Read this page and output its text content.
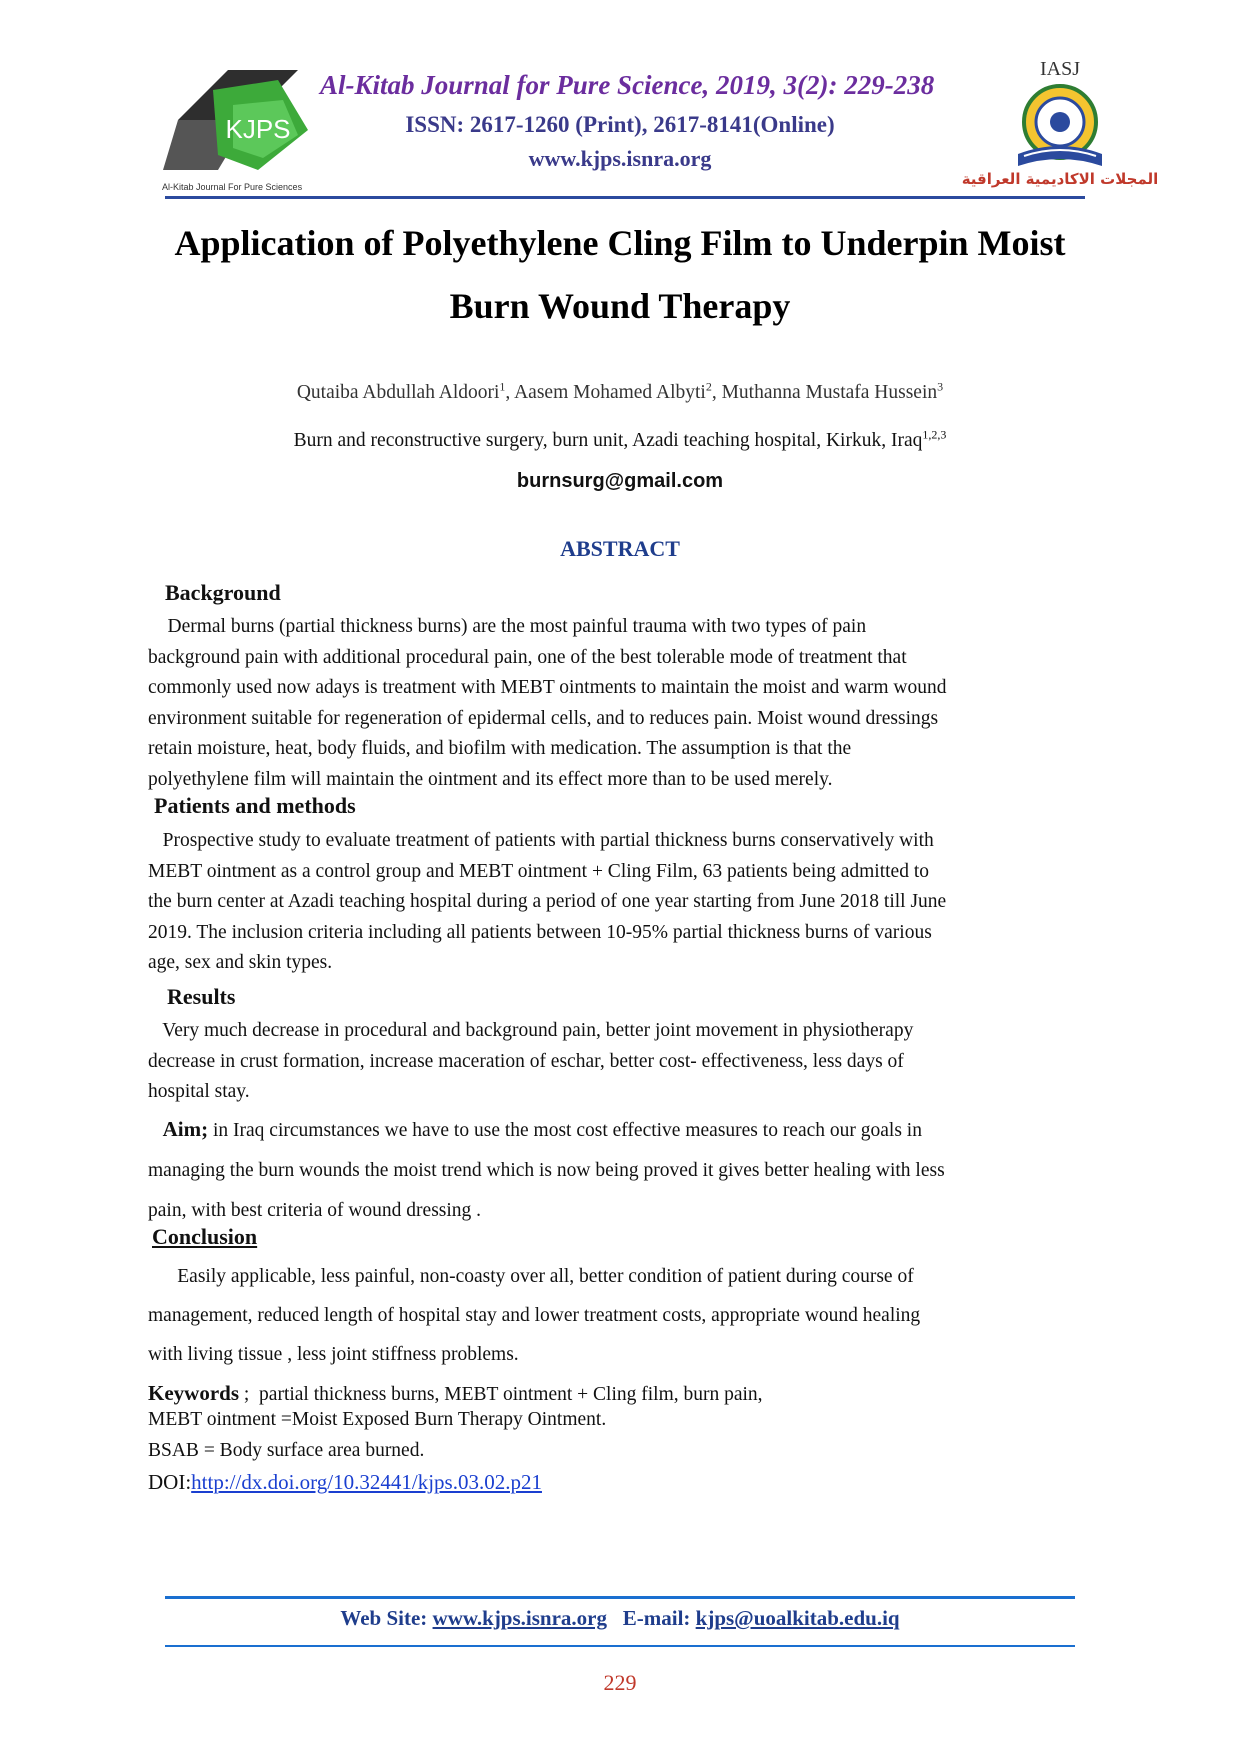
KJPS
Al-Kitab Journal For Pure Sciences
Al-Kitab Journal for Pure Science, 2019, 3(2): 229-238
ISSN: 2617-1260 (Print), 2617-8141(Online)
www.kjps.isnra.org
IASJ
المجلات الاكاديمية العراقية
Application of Polyethylene Cling Film to Underpin Moist
Burn Wound Therapy
Qutaiba Abdullah Aldoori$^1$, Aasem Mohamed Albyti$^2$, Muthanna Mustafa Hussein$^3$
Burn and reconstructive surgery, burn unit, Azadi teaching hospital, Kirkuk, Iraq$^{1,2,3}$
burnsurg@gmail.com
ABSTRACT
Background

Dermal burns (partial thickness burns) are the most painful trauma with two types of pain

background pain with additional procedural pain, one of the best tolerable mode of treatment that

commonly used now adays is treatment with MEBT ointments to maintain the moist and warm wound

environment suitable for regeneration of epidermal cells, and to reduces pain. Moist wound dressings

retain moisture, heat, body fluids, and biofilm with medication. The assumption is that the

polyethylene film will maintain the ointment and its effect more than to be used merely.

Patients and methods

Prospective study to evaluate treatment of patients with partial thickness burns conservatively with

MEBT ointment as a control group and MEBT ointment + Cling Film, 63 patients being admitted to

the burn center at Azadi teaching hospital during a period of one year starting from June 2018 till June

2019. The inclusion criteria including all patients between 10-95% partial thickness burns of various

age, sex and skin types.

Results

Very much decrease in procedural and background pain, better joint movement in physiotherapy

decrease in crust formation, increase maceration of eschar, better cost- effectiveness, less days of

hospital stay.

Aim; in Iraq circumstances we have to use the most cost effective measures to reach our goals in

managing the burn wounds the moist trend which is now being proved it gives better healing with less

pain, with best criteria of wound dressing .

Conclusion

Easily applicable, less painful, non-coasty over all, better condition of patient during course of

management, reduced length of hospital stay and lower treatment costs, appropriate wound healing

with living tissue , less joint stiffness problems.

Keywords ;  partial thickness burns, MEBT ointment + Cling film, burn pain,
MEBT ointment =Moist Exposed Burn Therapy Ointment.
BSAB = Body surface area burned.
DOI:http://dx.doi.org/10.32441/kjps.03.02.p21
Web Site: www.kjps.isnra.org E-mail: kjps@uoalkitab.edu.iq
229
